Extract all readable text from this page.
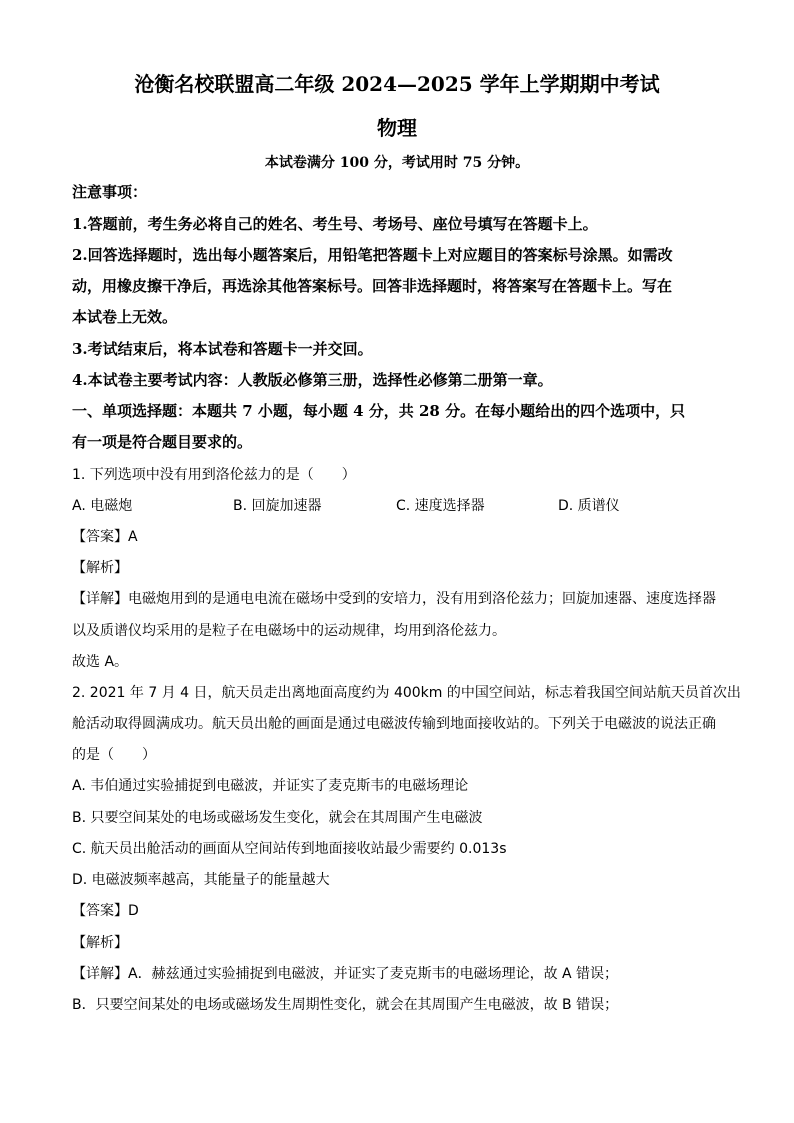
沧衡名校联盟高二年级 2024—2025 学年上学期期中考试
物理
本试卷满分 100 分，考试用时 75 分钟。
注意事项：
1.答题前，考生务必将自己的姓名、考生号、考场号、座位号填写在答题卡上。
2.回答选择题时，选出每小题答案后，用铅笔把答题卡上对应题目的答案标号涂黑。如需改
动，用橡皮擦干净后，再选涂其他答案标号。回答非选择题时，将答案写在答题卡上。写在
本试卷上无效。
3.考试结束后，将本试卷和答题卡一并交回。
4.本试卷主要考试内容：人教版必修第三册，选择性必修第二册第一章。
一、单项选择题：本题共 7 小题，每小题 4 分，共 28 分。在每小题给出的四个选项中，只
有一项是符合题目要求的。
1. 下列选项中没有用到洛伦兹力的是（　　）
A. 电磁炮	B. 回旋加速器	C. 速度选择器	D. 质谱仪
【答案】A
【解析】
【详解】电磁炮用到的是通电电流在磁场中受到的安培力，没有用到洛伦兹力；回旋加速器、速度选择器
以及质谱仪均采用的是粒子在电磁场中的运动规律，均用到洛伦兹力。
故选 A。
2. 2021 年 7 月 4 日，航天员走出离地面高度约为 400km 的中国空间站，标志着我国空间站航天员首次出
舱活动取得圆满成功。航天员出舱的画面是通过电磁波传输到地面接收站的。下列关于电磁波的说法正确
的是（　　）
A. 韦伯通过实验捕捉到电磁波，并证实了麦克斯韦的电磁场理论
B. 只要空间某处的电场或磁场发生变化，就会在其周围产生电磁波
C. 航天员出舱活动的画面从空间站传到地面接收站最少需要约 0.013s
D. 电磁波频率越高，其能量子的能量越大
【答案】D
【解析】
【详解】A．赫兹通过实验捕捉到电磁波，并证实了麦克斯韦的电磁场理论，故 A 错误；
B．只要空间某处的电场或磁场发生周期性变化，就会在其周围产生电磁波，故 B 错误；
